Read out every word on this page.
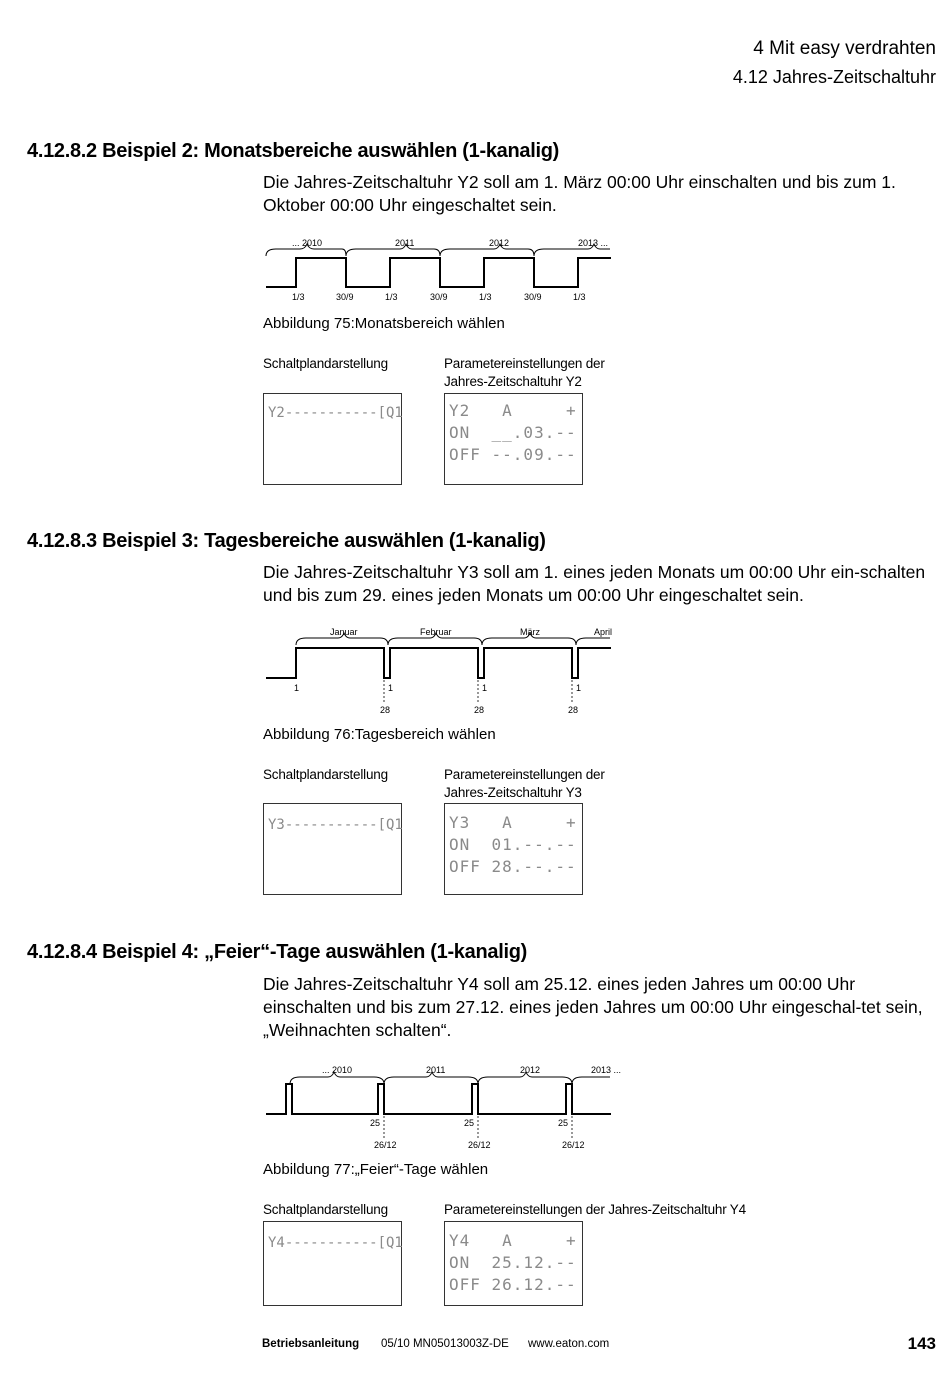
4 Mit easy verdrahten
4.12 Jahres-Zeitschaltuhr
4.12.8.2 Beispiel 2: Monatsbereiche auswählen (1-kanalig)
Die Jahres-Zeitschaltuhr Y2 soll am 1. März 00:00 Uhr einschalten und bis zum 1. Oktober 00:00 Uhr eingeschaltet sein.
... 2010	2011	2012	2013 ...
1/3	30/9	1/3	30/9	1/3	30/9	1/3
Abbildung 75:Monatsbereich wählen
Schaltplandarstellung	Parametereinstellungen der
Jahres-Zeitschaltuhr Y2
Y2-----------[Q1	Y2   A     +
ON  __.03.--
OFF --.09.--
4.12.8.3 Beispiel 3: Tagesbereiche auswählen (1-kanalig)
Die Jahres-Zeitschaltuhr Y3 soll am 1. eines jeden Monats um 00:00 Uhr ein-schalten und bis zum 29. eines jeden Monats um 00:00 Uhr eingeschaltet sein.
Januar	Februar	März	April
1	1	1	1
28	28	28
Abbildung 76:Tagesbereich wählen
Schaltplandarstellung	Parametereinstellungen der
Jahres-Zeitschaltuhr Y3
Y3-----------[Q1	Y3   A     +
ON  01.--.--
OFF 28.--.--
4.12.8.4 Beispiel 4: „Feier“-Tage auswählen (1-kanalig)
Die Jahres-Zeitschaltuhr Y4 soll am 25.12. eines jeden Jahres um 00:00 Uhr einschalten und bis zum 27.12. eines jeden Jahres um 00:00 Uhr eingeschal-tet sein, „Weihnachten schalten“.
... 2010	2011	2012	2013 ...
25	25	25
26/12	26/12	26/12
Abbildung 77:„Feier“-Tage wählen
Schaltplandarstellung	Parametereinstellungen der Jahres-Zeitschaltuhr Y4
Y4-----------[Q1	Y4   A     +
ON  25.12.--
OFF 26.12.--
Betriebsanleitung 05/10 MN05013003Z-DE www.eaton.com	143
